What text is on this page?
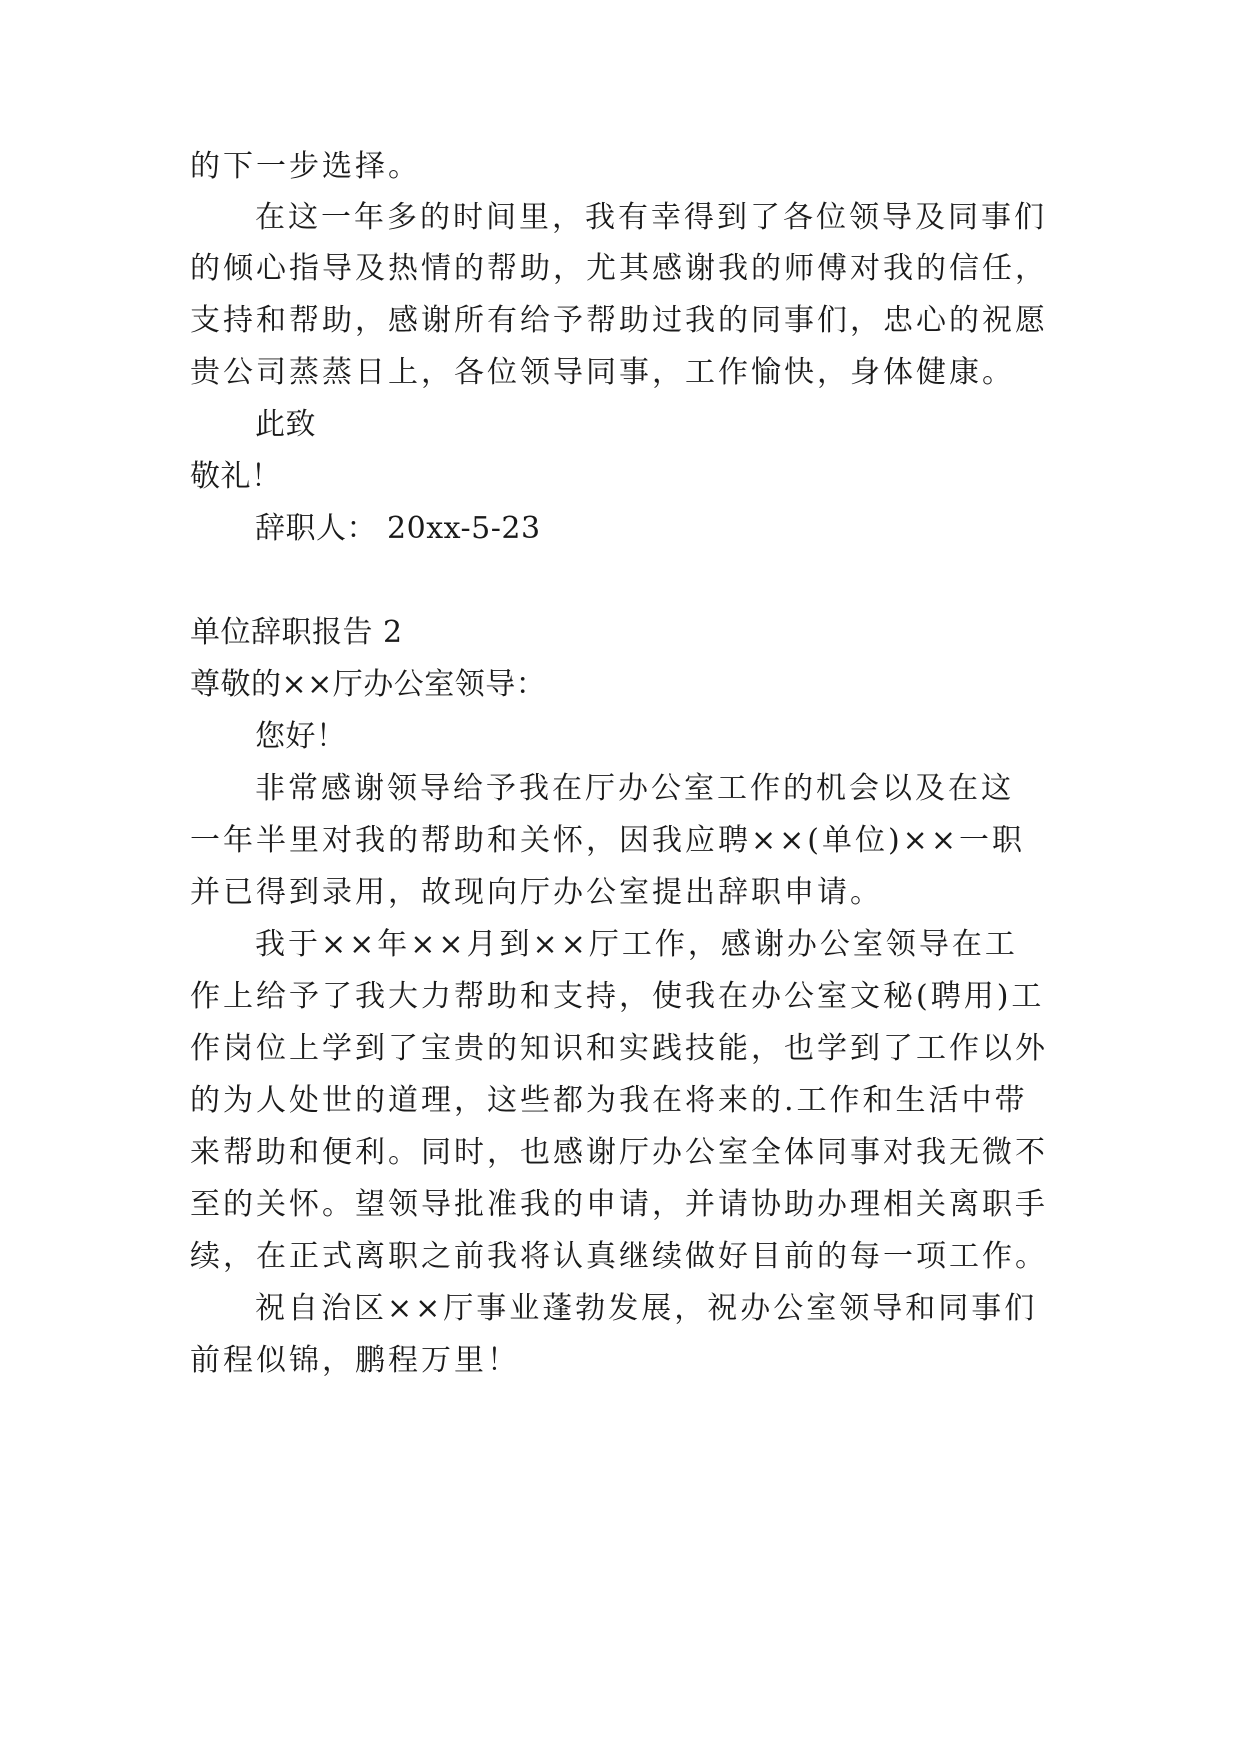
的下一步选择。
在这一年多的时间里，我有幸得到了各位领导及同事们
的倾心指导及热情的帮助，尤其感谢我的师傅对我的信任，
支持和帮助，感谢所有给予帮助过我的同事们，忠心的祝愿
贵公司蒸蒸日上，各位领导同事，工作愉快，身体健康。
此致
敬礼！
辞职人： 20xx-5-23
单位辞职报告 2
尊敬的××厅办公室领导：
您好！
非常感谢领导给予我在厅办公室工作的机会以及在这
一年半里对我的帮助和关怀，因我应聘××(单位)××一职
并已得到录用，故现向厅办公室提出辞职申请。
我于××年××月到××厅工作，感谢办公室领导在工
作上给予了我大力帮助和支持，使我在办公室文秘(聘用)工
作岗位上学到了宝贵的知识和实践技能，也学到了工作以外
的为人处世的道理，这些都为我在将来的.工作和生活中带
来帮助和便利。同时，也感谢厅办公室全体同事对我无微不
至的关怀。望领导批准我的申请，并请协助办理相关离职手
续，在正式离职之前我将认真继续做好目前的每一项工作。
祝自治区××厅事业蓬勃发展，祝办公室领导和同事们
前程似锦，鹏程万里！
